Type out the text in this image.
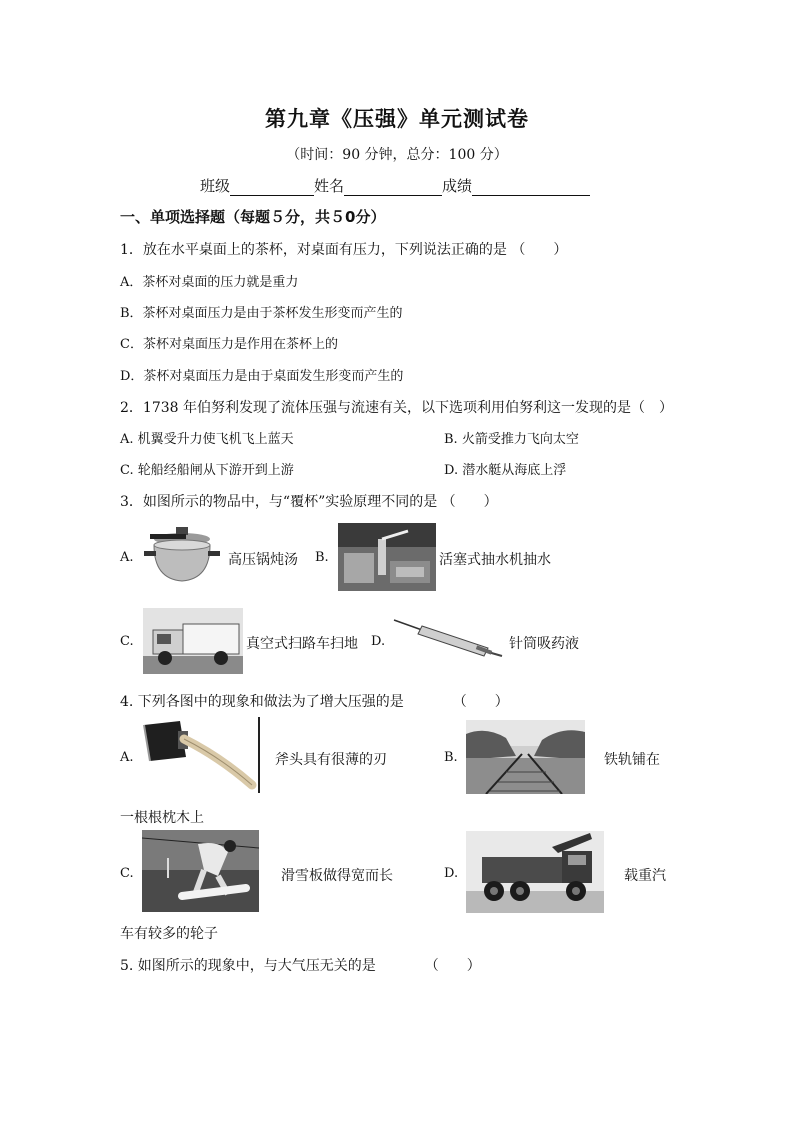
第九章《压强》单元测试卷
（时间：90 分钟，总分：100 分）
班级	姓名	成绩
一、单项选择题（每题５分，共５0分）
1．放在水平桌面上的茶杯，对桌面有压力，下列说法正确的是 （　　）
A．茶杯对桌面的压力就是重力
B．茶杯对桌面压力是由于茶杯发生形变而产生的
C．茶杯对桌面压力是作用在茶杯上的
D．茶杯对桌面压力是由于桌面发生形变而产生的
2．1738 年伯努利发现了流体压强与流速有关，以下选项利用伯努利这一发现的是（　）
A. 机翼受升力使飞机飞上蓝天	B. 火箭受推力飞向太空
C. 轮船经船闸从下游开到上游	D. 潜水艇从海底上浮
3．如图所示的物品中，与“覆杯”实验原理不同的是 （　　）
A.	高压锅炖汤 B.	活塞式抽水机抽水
C.	真空式扫路车扫地 D.	针筒吸药液
4. 下列各图中的现象和做法为了增大压强的是　　　　（　　）
A.	斧头具有很薄的刃	B.	铁轨铺在
一根根枕木上
C.	滑雪板做得宽而长	D.	载重汽
车有较多的轮子
5. 如图所示的现象中，与大气压无关的是　　　　（　　）
